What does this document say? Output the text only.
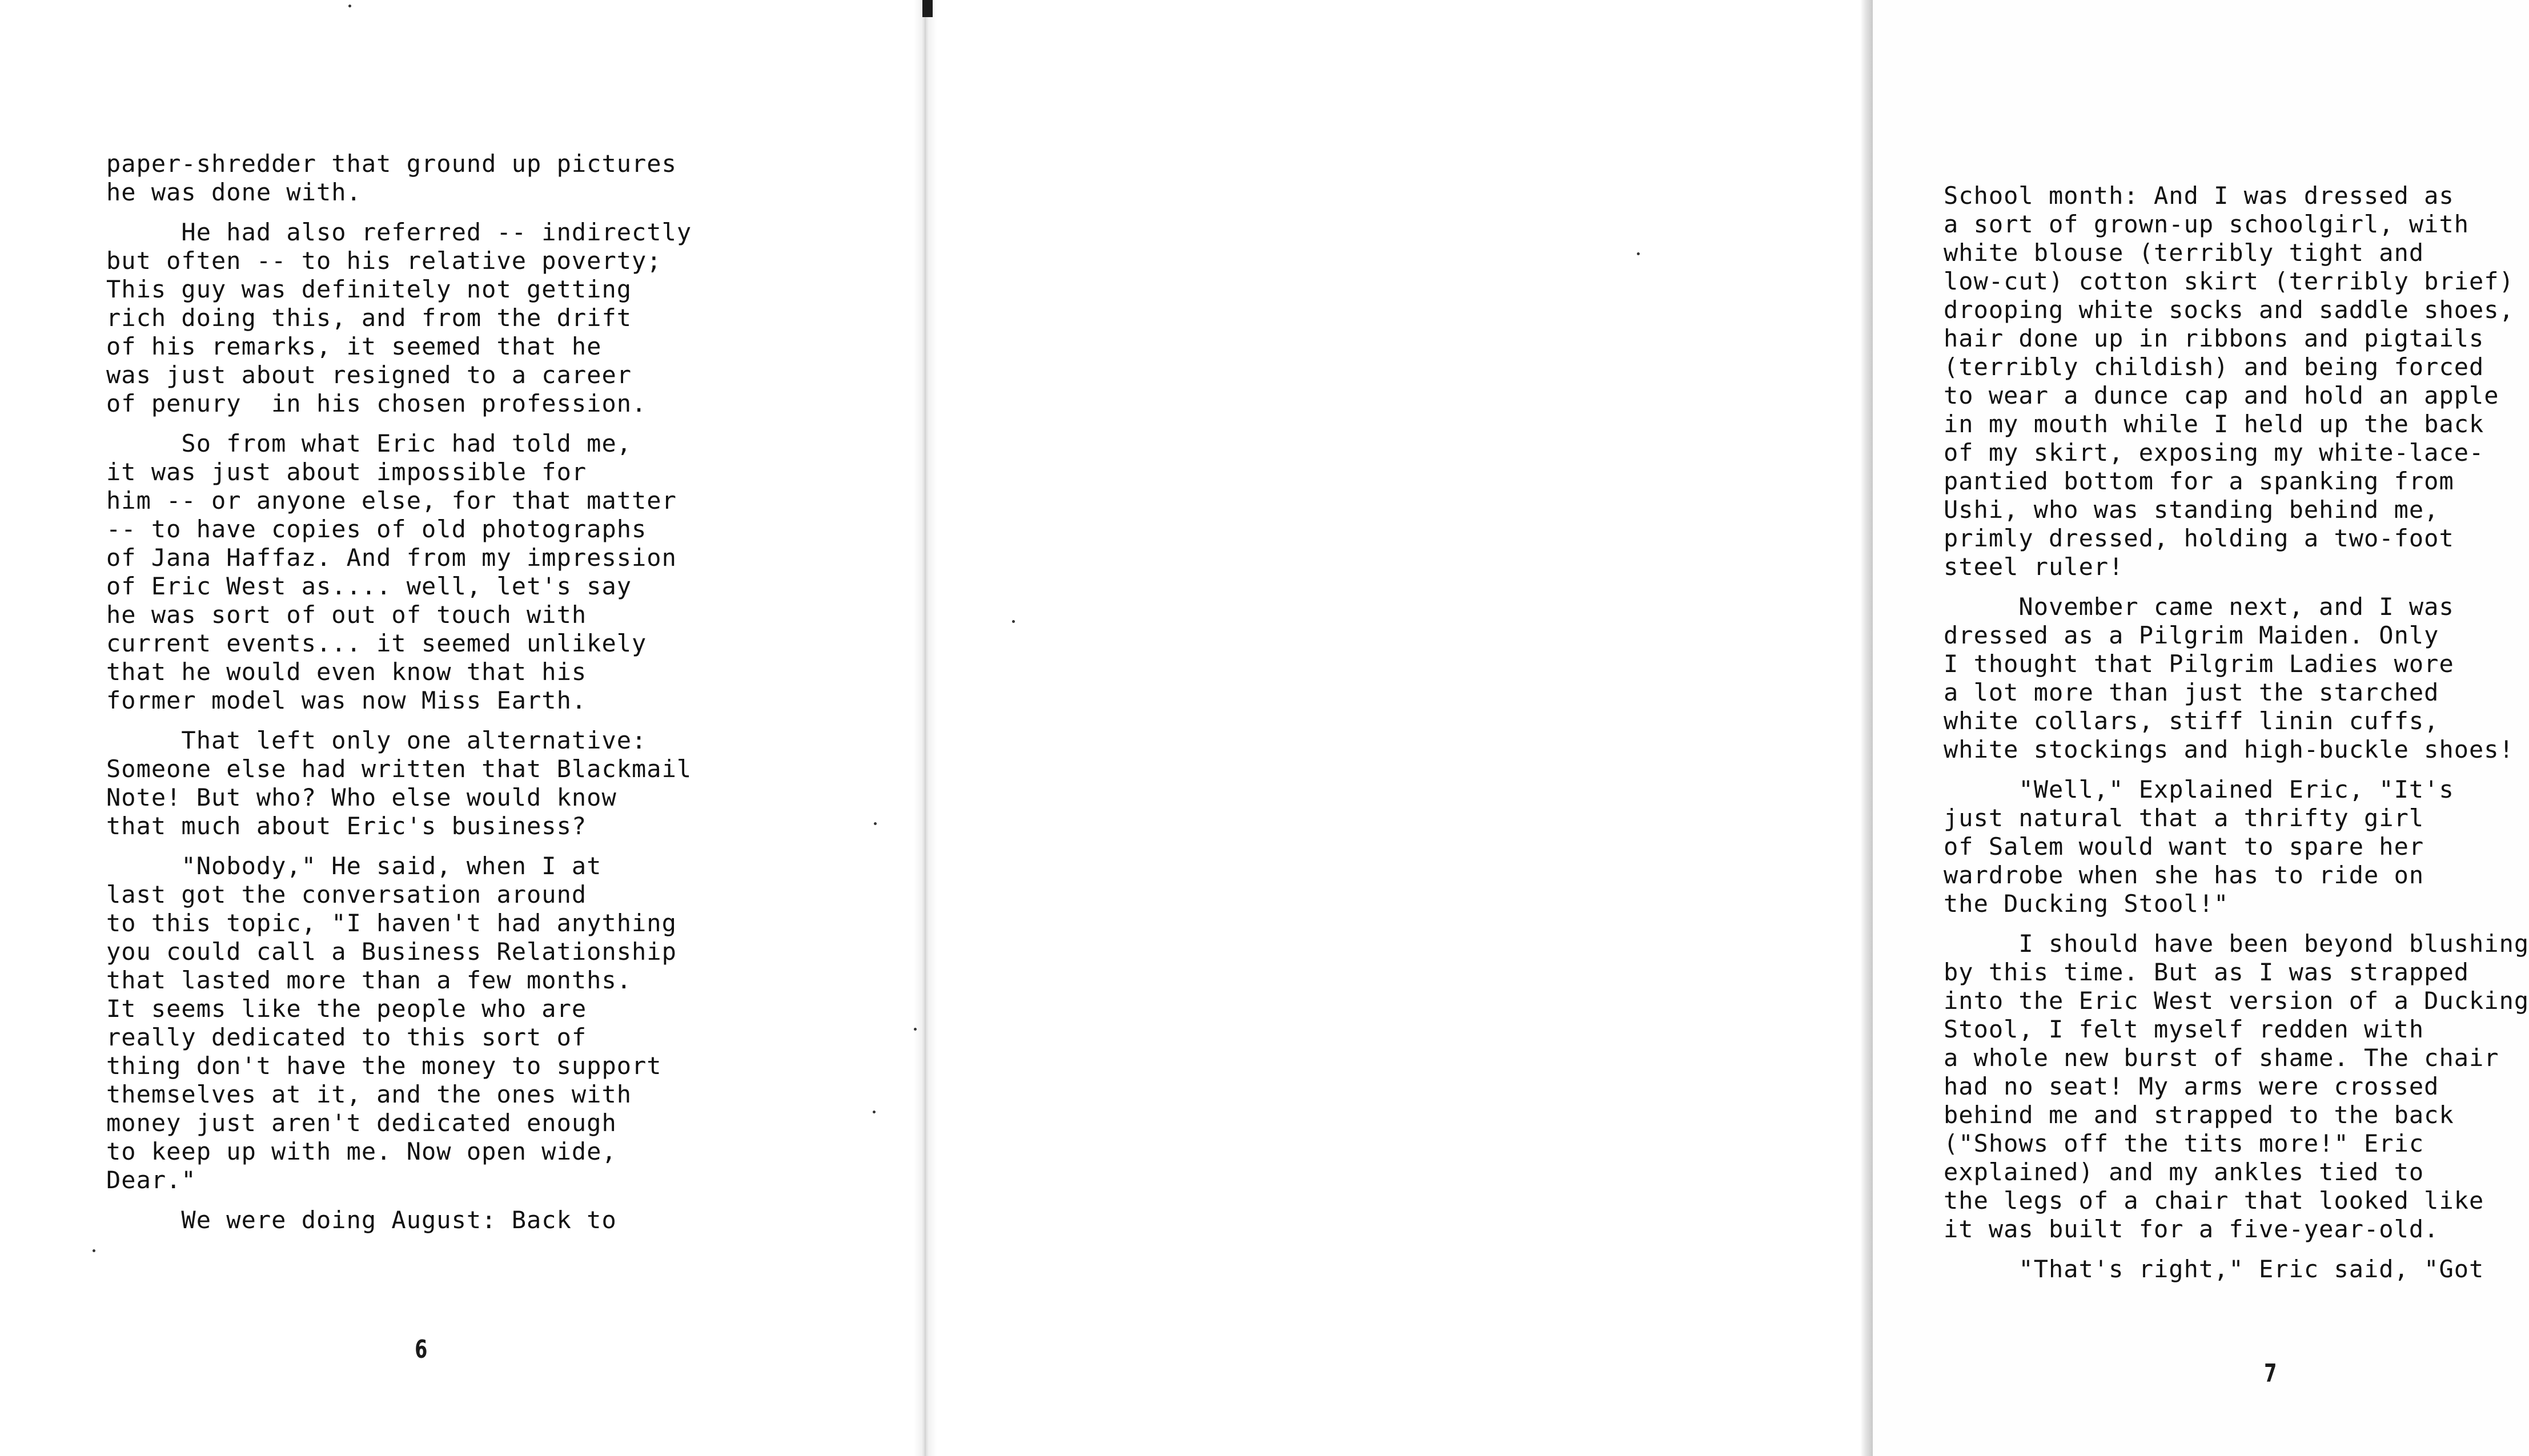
paper-shredder that ground up pictures
he was done with.
He had also referred -- indirectly
but often -- to his relative poverty;
This guy was definitely not getting
rich doing this, and from the drift
of his remarks, it seemed that he
was just about resigned to a career
of penury  in his chosen profession.
So from what Eric had told me,
it was just about impossible for
him -- or anyone else, for that matter
-- to have copies of old photographs
of Jana Haffaz. And from my impression
of Eric West as.... well, let's say
he was sort of out of touch with
current events... it seemed unlikely
that he would even know that his
former model was now Miss Earth.
That left only one alternative:
Someone else had written that Blackmail
Note! But who? Who else would know
that much about Eric's business?
"Nobody," He said, when I at
last got the conversation around
to this topic, "I haven't had anything
you could call a Business Relationship
that lasted more than a few months.
It seems like the people who are
really dedicated to this sort of
thing don't have the money to support
themselves at it, and the ones with
money just aren't dedicated enough
to keep up with me. Now open wide,
Dear."
We were doing August: Back to
6
School month: And I was dressed as
a sort of grown-up schoolgirl, with
white blouse (terribly tight and
low-cut) cotton skirt (terribly brief)
drooping white socks and saddle shoes,
hair done up in ribbons and pigtails
(terribly childish) and being forced
to wear a dunce cap and hold an apple
in my mouth while I held up the back
of my skirt, exposing my white-lace-
pantied bottom for a spanking from
Ushi, who was standing behind me,
primly dressed, holding a two-foot
steel ruler!
November came next, and I was
dressed as a Pilgrim Maiden. Only
I thought that Pilgrim Ladies wore
a lot more than just the starched
white collars, stiff linin cuffs,
white stockings and high-buckle shoes!
"Well," Explained Eric, "It's
just natural that a thrifty girl
of Salem would want to spare her
wardrobe when she has to ride on
the Ducking Stool!"
I should have been beyond blushing
by this time. But as I was strapped
into the Eric West version of a Ducking
Stool, I felt myself redden with
a whole new burst of shame. The chair
had no seat! My arms were crossed
behind me and strapped to the back
("Shows off the tits more!" Eric
explained) and my ankles tied to
the legs of a chair that looked like
it was built for a five-year-old.
"That's right," Eric said, "Got
7
